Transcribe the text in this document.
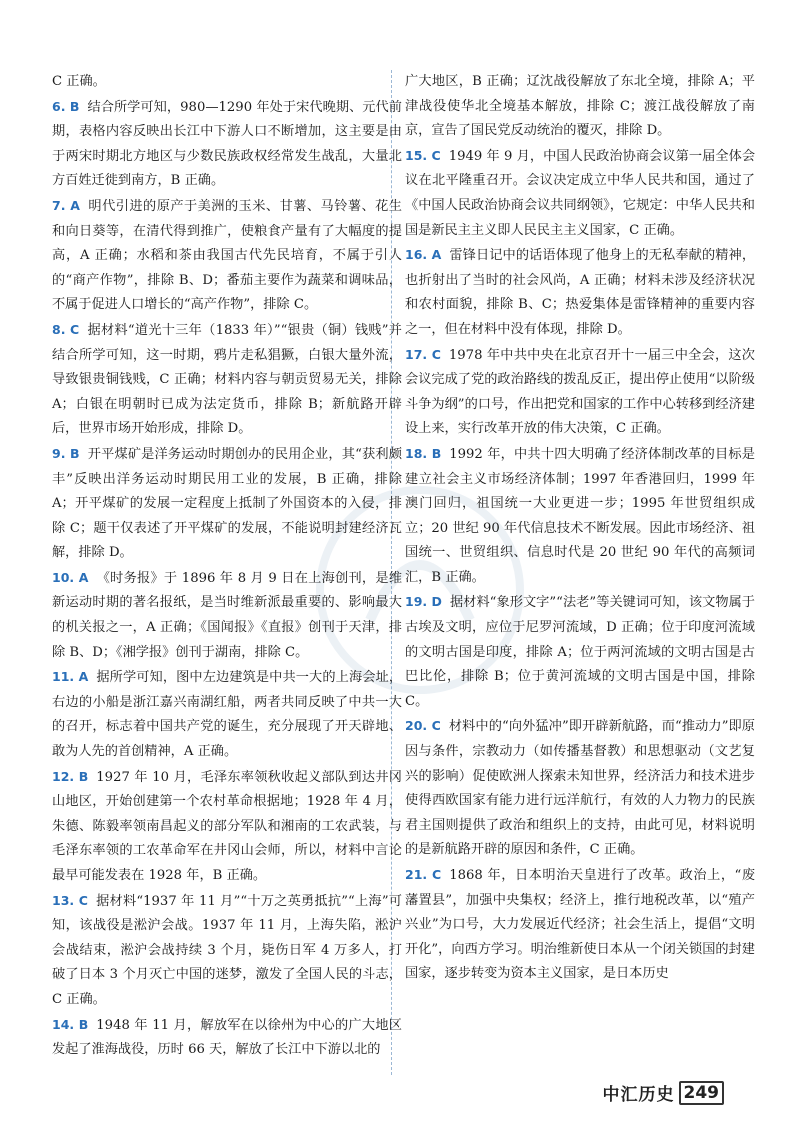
C 正确。

6. B 结合所学可知，980—1290 年处于宋代晚期、元代前期，表格内容反映出长江中下游人口不断增加，这主要是由于两宋时期北方地区与少数民族政权经常发生战乱，大量北方百姓迁徙到南方，B 正确。

7. A 明代引进的原产于美洲的玉米、甘薯、马铃薯、花生和向日葵等，在清代得到推广，使粮食产量有了大幅度的提高，A 正确；水稻和茶由我国古代先民培育，不属于引人的“商产作物”，排除 B、D；番茄主要作为蔬菜和调味品，不属于促进人口增长的“高产作物”，排除 C。

8. C 据材料“道光十三年（1833 年）”“银贵（铜）钱贱”并结合所学可知，这一时期，鸦片走私猖獗，白银大量外流，导致银贵铜钱贱，C 正确；材料内容与朝贡贸易无关，排除 A；白银在明朝时已成为法定货币，排除 B；新航路开辟后，世界市场开始形成，排除 D。

9. B 开平煤矿是洋务运动时期创办的民用企业，其“获利颇丰”反映出洋务运动时期民用工业的发展，B 正确，排除 A；开平煤矿的发展一定程度上抵制了外国资本的入侵，排除 C；题干仅表述了开平煤矿的发展，不能说明封建经济瓦解，排除 D。

10. A 《时务报》于 1896 年 8 月 9 日在上海创刊，是维新运动时期的著名报纸，是当时维新派最重要的、影响最大的机关报之一，A 正确；《国闻报》《直报》创刊于天津，排除 B、D；《湘学报》创刊于湖南，排除 C。

11. A 据所学可知，图中左边建筑是中共一大的上海会址，右边的小船是浙江嘉兴南湖红船，两者共同反映了中共一大的召开，标志着中国共产党的诞生，充分展现了开天辟地、敢为人先的首创精神，A 正确。

12. B 1927 年 10 月，毛泽东率领秋收起义部队到达井冈山地区，开始创建第一个农村革命根据地；1928 年 4 月，朱德、陈毅率领南昌起义的部分军队和湘南的工农武装，与毛泽东率领的工农革命军在井冈山会师，所以，材料中言论最早可能发表在 1928 年，B 正确。

13. C 据材料“1937 年 11 月”“十万之英勇抵抗”“上海”可知，该战役是淞沪会战。1937 年 11 月，上海失陷，淞沪会战结束，淞沪会战持续 3 个月，毙伤日军 4 万多人，打破了日本 3 个月灭亡中国的迷梦，激发了全国人民的斗志，C 正确。

14. B 1948 年 11 月，解放军在以徐州为中心的广大地区发起了淮海战役，历时 66 天，解放了长江中下游以北的

广大地区，B 正确；辽沈战役解放了东北全境，排除 A；平津战役使华北全境基本解放，排除 C；渡江战役解放了南京，宣告了国民党反动统治的覆灭，排除 D。

15. C 1949 年 9 月，中国人民政治协商会议第一届全体会议在北平隆重召开。会议决定成立中华人民共和国，通过了《中国人民政治协商会议共同纲领》，它规定：中华人民共和国是新民主主义即人民民主主义国家，C 正确。

16. A 雷锋日记中的话语体现了他身上的无私奉献的精神，也折射出了当时的社会风尚，A 正确；材料未涉及经济状况和农村面貌，排除 B、C；热爱集体是雷锋精神的重要内容之一，但在材料中没有体现，排除 D。

17. C 1978 年中共中央在北京召开十一届三中全会，这次会议完成了党的政治路线的拨乱反正，提出停止使用“以阶级斗争为纲”的口号，作出把党和国家的工作中心转移到经济建设上来，实行改革开放的伟大决策，C 正确。

18. B 1992 年，中共十四大明确了经济体制改革的目标是建立社会主义市场经济体制；1997 年香港回归，1999 年澳门回归，祖国统一大业更进一步；1995 年世贸组织成立；20 世纪 90 年代信息技术不断发展。因此市场经济、祖国统一、世贸组织、信息时代是 20 世纪 90 年代的高频词汇，B 正确。

19. D 据材料“象形文字”“法老”等关键词可知，该文物属于古埃及文明，应位于尼罗河流域，D 正确；位于印度河流域的文明古国是印度，排除 A；位于两河流域的文明古国是古巴比伦，排除 B；位于黄河流域的文明古国是中国，排除 C。

20. C 材料中的“向外猛冲”即开辟新航路，而“推动力”即原因与条件，宗教动力（如传播基督教）和思想驱动（文艺复兴的影响）促使欧洲人探索未知世界，经济活力和技术进步使得西欧国家有能力进行远洋航行，有效的人力物力的民族君主国则提供了政治和组织上的支持，由此可见，材料说明的是新航路开辟的原因和条件，C 正确。

21. C 1868 年，日本明治天皇进行了改革。政治上，“废藩置县”，加强中央集权；经济上，推行地税改革，以“殖产兴业”为口号，大力发展近代经济；社会生活上，提倡“文明开化”，向西方学习。明治维新使日本从一个闭关锁国的封建国家，逐步转变为资本主义国家，是日本历史

中汇历史 249
